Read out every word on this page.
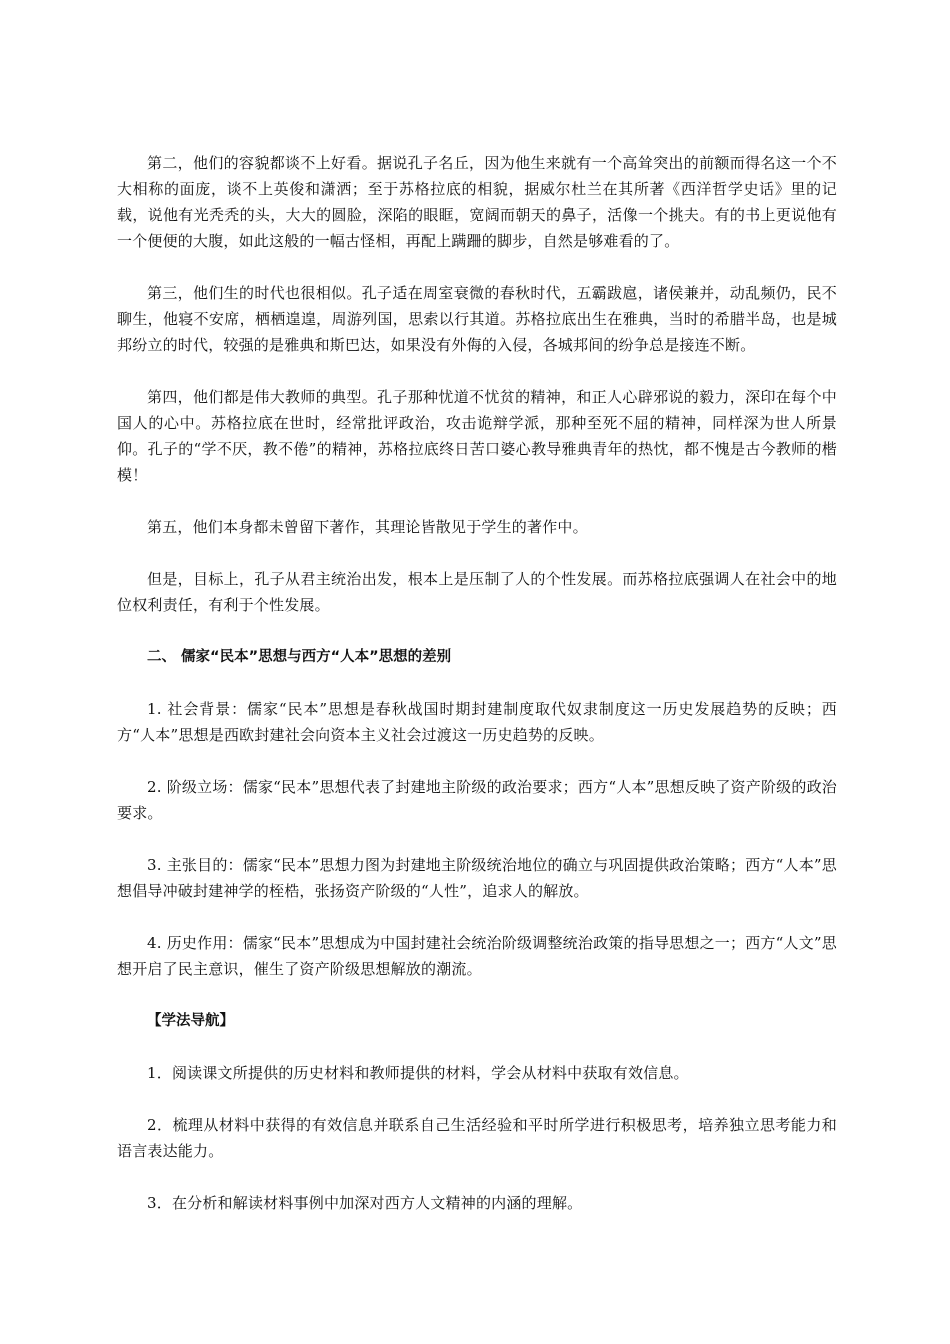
第二，他们的容貌都谈不上好看。据说孔子名丘，因为他生来就有一个高耸突出的前额而得名这一个不大相称的面庞，谈不上英俊和潇洒；至于苏格拉底的相貌，据威尔杜兰在其所著《西洋哲学史话》里的记载，说他有光秃秃的头，大大的圆脸，深陷的眼眶，宽阔而朝天的鼻子，活像一个挑夫。有的书上更说他有一个便便的大腹，如此这般的一幅古怪相，再配上蹒跚的脚步，自然是够难看的了。

第三，他们生的时代也很相似。孔子适在周室衰微的春秋时代，五霸跋扈，诸侯兼并，动乱频仍，民不聊生，他寝不安席，栖栖遑遑，周游列国，思索以行其道。苏格拉底出生在雅典，当时的希腊半岛，也是城邦纷立的时代，较强的是雅典和斯巴达，如果没有外侮的入侵，各城邦间的纷争总是接连不断。

第四，他们都是伟大教师的典型。孔子那种忧道不忧贫的精神，和正人心辟邪说的毅力，深印在每个中国人的心中。苏格拉底在世时，经常批评政治，攻击诡辩学派，那种至死不屈的精神，同样深为世人所景仰。孔子的“学不厌，教不倦”的精神，苏格拉底终日苦口婆心教导雅典青年的热忱，都不愧是古今教师的楷模！

第五，他们本身都未曾留下著作，其理论皆散见于学生的著作中。

但是，目标上，孔子从君主统治出发，根本上是压制了人的个性发展。而苏格拉底强调人在社会中的地位权利责任，有利于个性发展。

二、 儒家“民本”思想与西方“人本”思想的差别

1. 社会背景：儒家“民本”思想是春秋战国时期封建制度取代奴隶制度这一历史发展趋势的反映；西方“人本”思想是西欧封建社会向资本主义社会过渡这一历史趋势的反映。

2. 阶级立场：儒家“民本”思想代表了封建地主阶级的政治要求；西方“人本”思想反映了资产阶级的政治要求。

3. 主张目的：儒家“民本”思想力图为封建地主阶级统治地位的确立与巩固提供政治策略；西方“人本”思想倡导冲破封建神学的桎梏，张扬资产阶级的“人性”，追求人的解放。

4. 历史作用：儒家“民本”思想成为中国封建社会统治阶级调整统治政策的指导思想之一；西方“人文”思想开启了民主意识，催生了资产阶级思想解放的潮流。

【学法导航】

1．阅读课文所提供的历史材料和教师提供的材料，学会从材料中获取有效信息。

2．梳理从材料中获得的有效信息并联系自己生活经验和平时所学进行积极思考，培养独立思考能力和语言表达能力。

3．在分析和解读材料事例中加深对西方人文精神的内涵的理解。
